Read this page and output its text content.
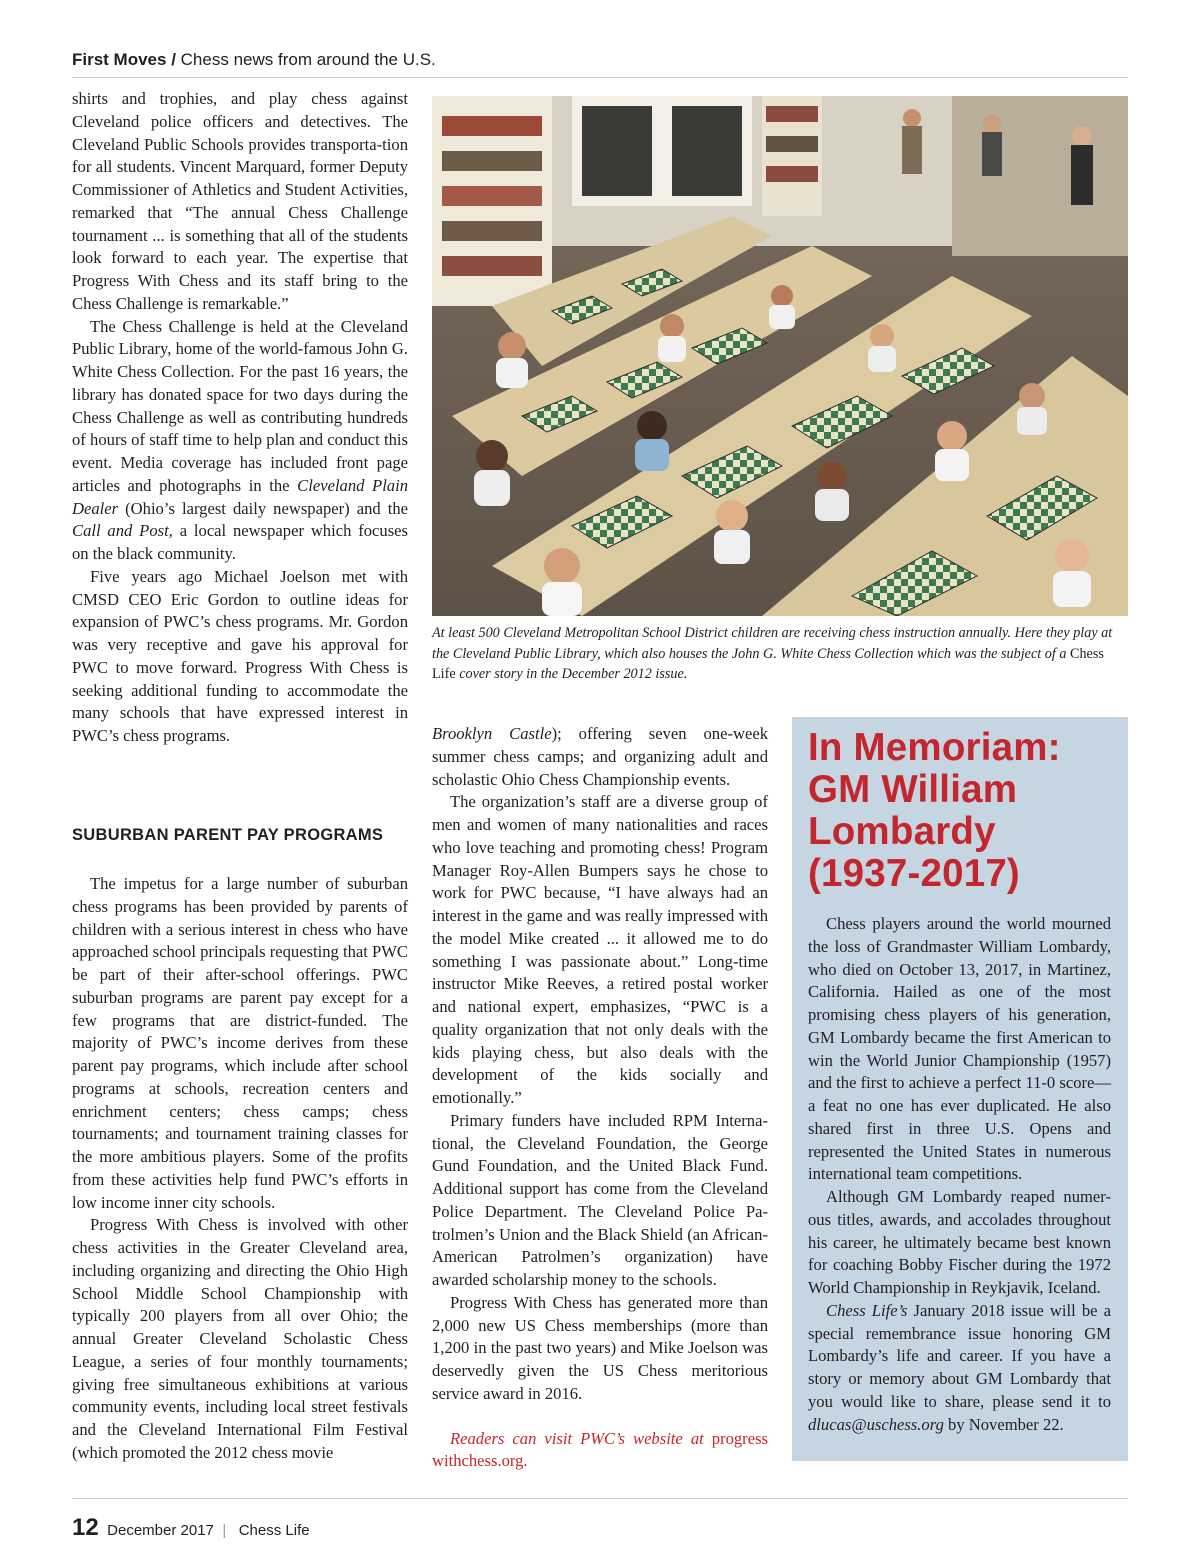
First Moves / Chess news from around the U.S.

shirts and trophies, and play chess against Cleveland police officers and detectives. The Cleveland Public Schools provides transporta-tion for all students. Vincent Marquard, former Deputy Commissioner of Athletics and Student Activities, remarked that “The annual Chess Challenge tournament ... is something that all of the students look forward to each year. The expertise that Progress With Chess and its staff bring to the Chess Challenge is remarkable.”

The Chess Challenge is held at the Cleveland Public Library, home of the world-famous John G. White Chess Collection. For the past 16 years, the library has donated space for two days during the Chess Challenge as well as contributing hundreds of hours of staff time to help plan and conduct this event. Media coverage has included front page articles and photographs in the Cleveland Plain Dealer (Ohio’s largest daily newspaper) and the Call and Post, a local newspaper which focuses on the black community.

Five years ago Michael Joelson met with CMSD CEO Eric Gordon to outline ideas for expansion of PWC’s chess programs. Mr. Gordon was very receptive and gave his approval for PWC to move forward. Progress With Chess is seeking additional funding to accommodate the many schools that have expressed interest in PWC’s chess programs.

SUBURBAN PARENT PAY PROGRAMS

The impetus for a large number of suburban chess programs has been provided by parents of children with a serious interest in chess who have approached school principals requesting that PWC be part of their after-school offerings. PWC suburban programs are parent pay except for a few programs that are district-funded. The majority of PWC’s income derives from these parent pay programs, which include after school programs at schools, recreation centers and enrichment centers; chess camps; chess tournaments; and tournament training classes for the more ambitious players. Some of the profits from these activities help fund PWC’s efforts in low income inner city schools.

Progress With Chess is involved with other chess activities in the Greater Cleveland area, including organizing and directing the Ohio High School Middle School Championship with typically 200 players from all over Ohio; the annual Greater Cleveland Scholastic Chess League, a series of four monthly tournaments; giving free simultaneous exhibitions at various community events, including local street festivals and the Cleveland International Film Festival (which promoted the 2012 chess movie

At least 500 Cleveland Metropolitan School District children are receiving chess instruction annually. Here they play at the Cleveland Public Library, which also houses the John G. White Chess Collection which was the subject of a Chess Life cover story in the December 2012 issue.

Brooklyn Castle); offering seven one-week summer chess camps; and organizing adult and scholastic Ohio Chess Championship events.

The organization’s staff are a diverse group of men and women of many nationalities and races who love teaching and promoting chess! Program Manager Roy-Allen Bumpers says he chose to work for PWC because, “I have always had an interest in the game and was really impressed with the model Mike created ... it allowed me to do something I was passionate about.” Long-time instructor Mike Reeves, a retired postal worker and national expert, emphasizes, “PWC is a quality organization that not only deals with the kids playing chess, but also deals with the development of the kids socially and emotionally.”

Primary funders have included RPM Interna-tional, the Cleveland Foundation, the George Gund Foundation, and the United Black Fund. Additional support has come from the Cleveland Police Department. The Cleveland Police Pa-trolmen’s Union and the Black Shield (an African-American Patrolmen’s organization) have awarded scholarship money to the schools.

Progress With Chess has generated more than 2,000 new US Chess memberships (more than 1,200 in the past two years) and Mike Joelson was deservedly given the US Chess meritorious service award in 2016.

Readers can visit PWC’s website at progress withchess.org.

In Memoriam: GM William Lombardy (1937-2017)

Chess players around the world mourned the loss of Grandmaster William Lombardy, who died on October 13, 2017, in Martinez, California. Hailed as one of the most promising chess players of his generation, GM Lombardy became the first American to win the World Junior Championship (1957) and the first to achieve a perfect 11-0 score—a feat no one has ever duplicated. He also shared first in three U.S. Opens and represented the United States in numerous international team competitions.

Although GM Lombardy reaped numer-ous titles, awards, and accolades throughout his career, he ultimately became best known for coaching Bobby Fischer during the 1972 World Championship in Reykjavik, Iceland.

Chess Life’s January 2018 issue will be a special remembrance issue honoring GM Lombardy’s life and career. If you have a story or memory about GM Lombardy that you would like to share, please send it to dlucas@uschess.org by November 22.

12 December 2017 | Chess Life
